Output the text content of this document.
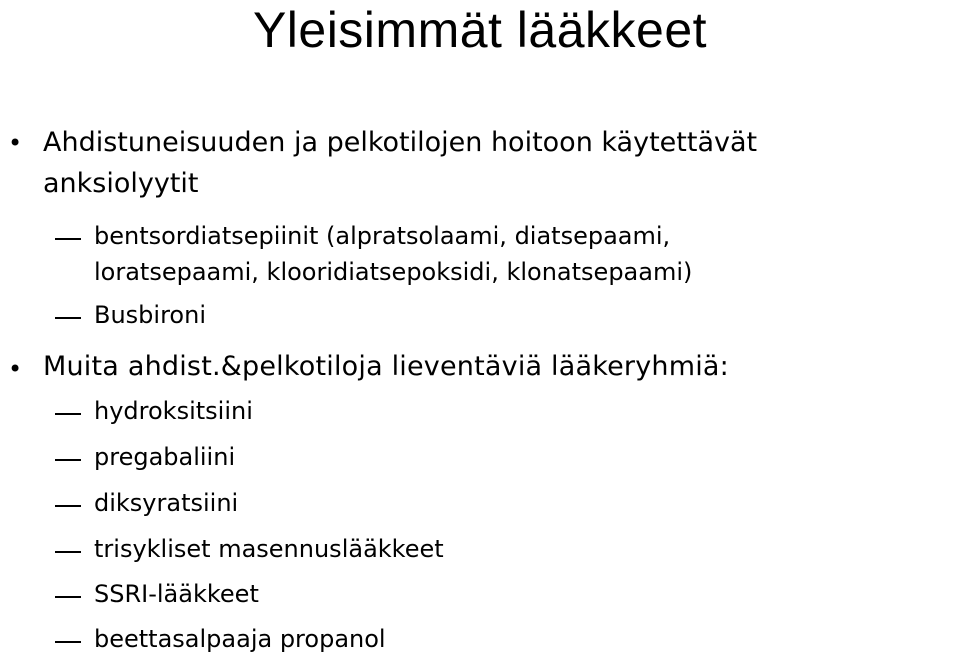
Yleisimmät lääkkeet
• Ahdistuneisuuden ja pelkotilojen hoitoon käytettävät
anksiolyytit
bentsordiatsepiinit (alpratsolaami, diatsepaami,
loratsepaami, klooridiatsepoksidi, klonatsepaami)
Busbironi
• Muita ahdist.&pelkotiloja lieventäviä lääkeryhmiä:
hydroksitsiini
pregabaliini
diksyratsiini
trisykliset masennuslääkkeet
SSRI-lääkkeet
beettasalpaaja propanol
